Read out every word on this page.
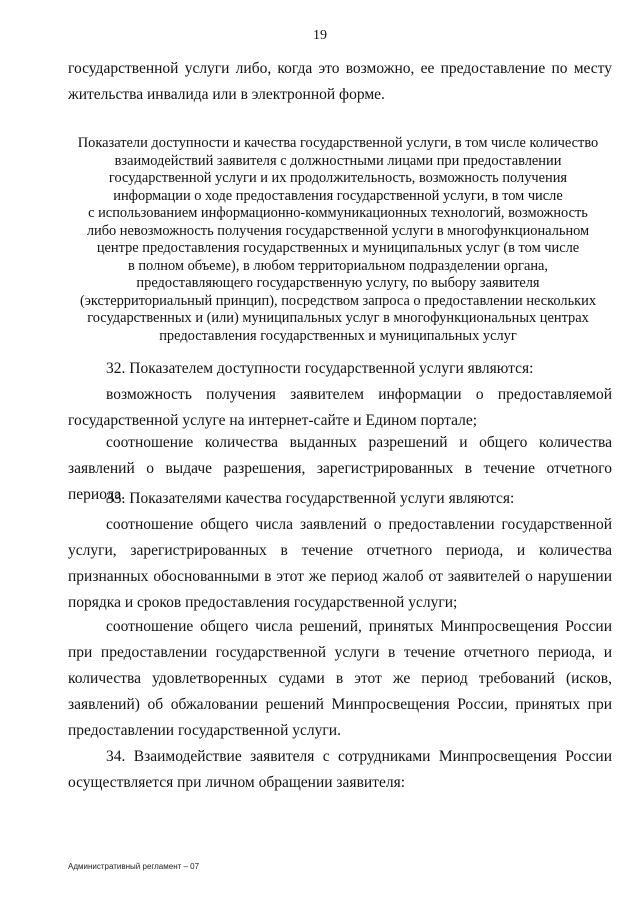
19
государственной услуги либо, когда это возможно, ее предоставление по месту жительства инвалида или в электронной форме.
Показатели доступности и качества государственной услуги, в том числе количество
взаимодействий заявителя с должностными лицами при предоставлении
государственной услуги и их продолжительность, возможность получения
информации о ходе предоставления государственной услуги, в том числе
с использованием информационно-коммуникационных технологий, возможность
либо невозможность получения государственной услуги в многофункциональном
центре предоставления государственных и муниципальных услуг (в том числе
в полном объеме), в любом территориальном подразделении органа,
предоставляющего государственную услугу, по выбору заявителя
(экстерриториальный принцип), посредством запроса о предоставлении нескольких
государственных и (или) муниципальных услуг в многофункциональных центрах
предоставления государственных и муниципальных услуг
32. Показателем доступности государственной услуги являются:
возможность получения заявителем информации о предоставляемой государственной услуге на интернет-сайте и Едином портале;
соотношение количества выданных разрешений и общего количества заявлений о выдаче разрешения, зарегистрированных в течение отчетного периода.
33. Показателями качества государственной услуги являются:
соотношение общего числа заявлений о предоставлении государственной услуги, зарегистрированных в течение отчетного периода, и количества признанных обоснованными в этот же период жалоб от заявителей о нарушении порядка и сроков предоставления государственной услуги;
соотношение общего числа решений, принятых Минпросвещения России при предоставлении государственной услуги в течение отчетного периода, и количества удовлетворенных судами в этот же период требований (исков, заявлений) об обжаловании решений Минпросвещения России, принятых при предоставлении государственной услуги.
34. Взаимодействие заявителя с сотрудниками Минпросвещения России осуществляется при личном обращении заявителя:
Административный регламент – 07
